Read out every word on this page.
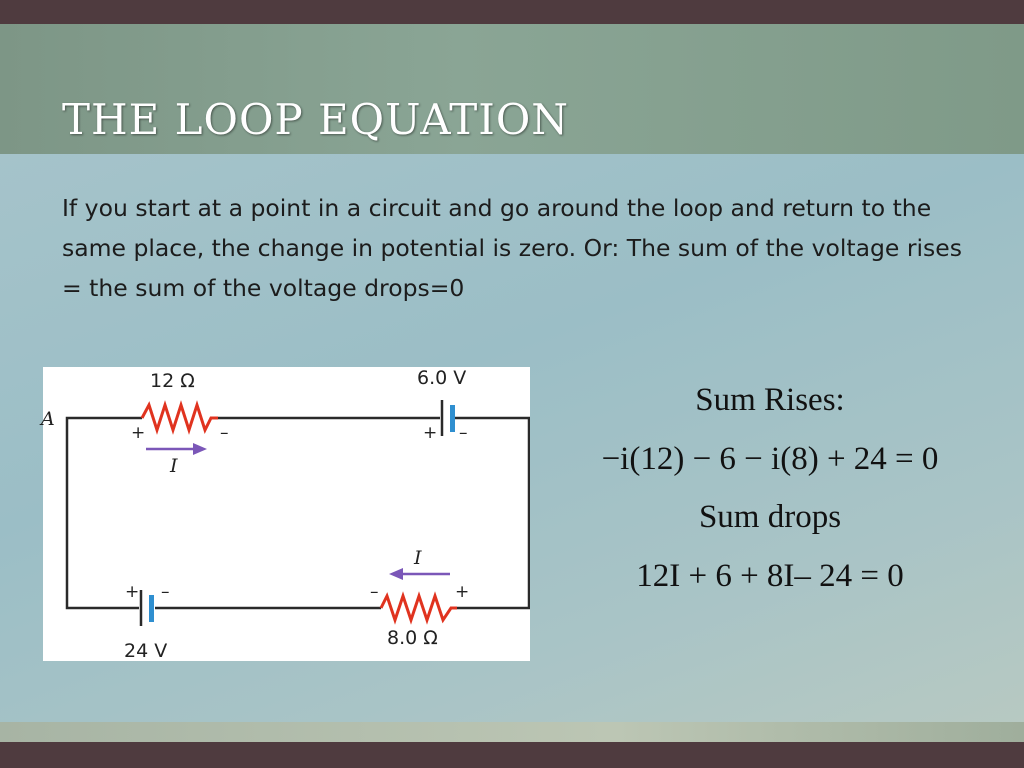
THE LOOP EQUATION

If you start at a point in a circuit and go around the loop and return to the same place, the change in potential is zero. Or: The sum of the voltage rises = the sum of the voltage drops=0

A
12 Ω	6.0 V
24 V
8.0 Ω
I
I
+	–	+ –
+ –	–	+
Sum Rises:
−i(12) − 6 − i(8) + 24 = 0
Sum drops
12I + 6 + 8I– 24 = 0
